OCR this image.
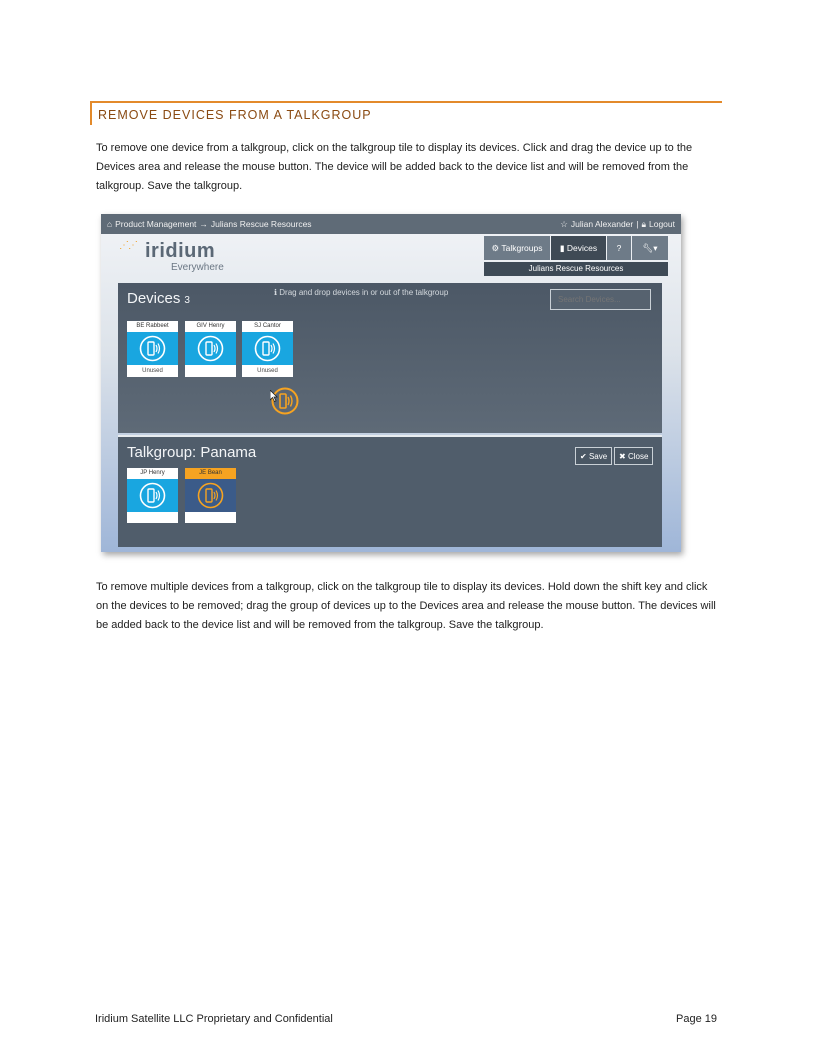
REMOVE DEVICES FROM A TALKGROUP

To remove one device from a talkgroup, click on the talkgroup tile to display its devices. Click and drag the device up to the Devices area and release the mouse button. The device will be added back to the device list and will be removed from the talkgroup. Save the talkgroup.

⌂ Product Management → Julians Rescue Resources	☆ Julian Alexander | 🔒︎ Logout
⋰⋰ iridium
Everywhere
⚙ Talkgroups	▮ Devices	?	🔧︎▾
Julians Rescue Resources
Devices 3
ℹ Drag and drop devices in or out of the talkgroup
Search Devices...
BE Rabbeet
Unused
GIV Henry	SJ Cantor
Unused
Talkgroup: Panama	✔ Save	✖ Close
JP Henry	JE Bean

To remove multiple devices from a talkgroup, click on the talkgroup tile to display its devices. Hold down the shift key and click on the devices to be removed; drag the group of devices up to the Devices area and release the mouse button. The devices will be added back to the device list and will be removed from the talkgroup. Save the talkgroup.

Iridium Satellite LLC Proprietary and Confidential	Page 19
